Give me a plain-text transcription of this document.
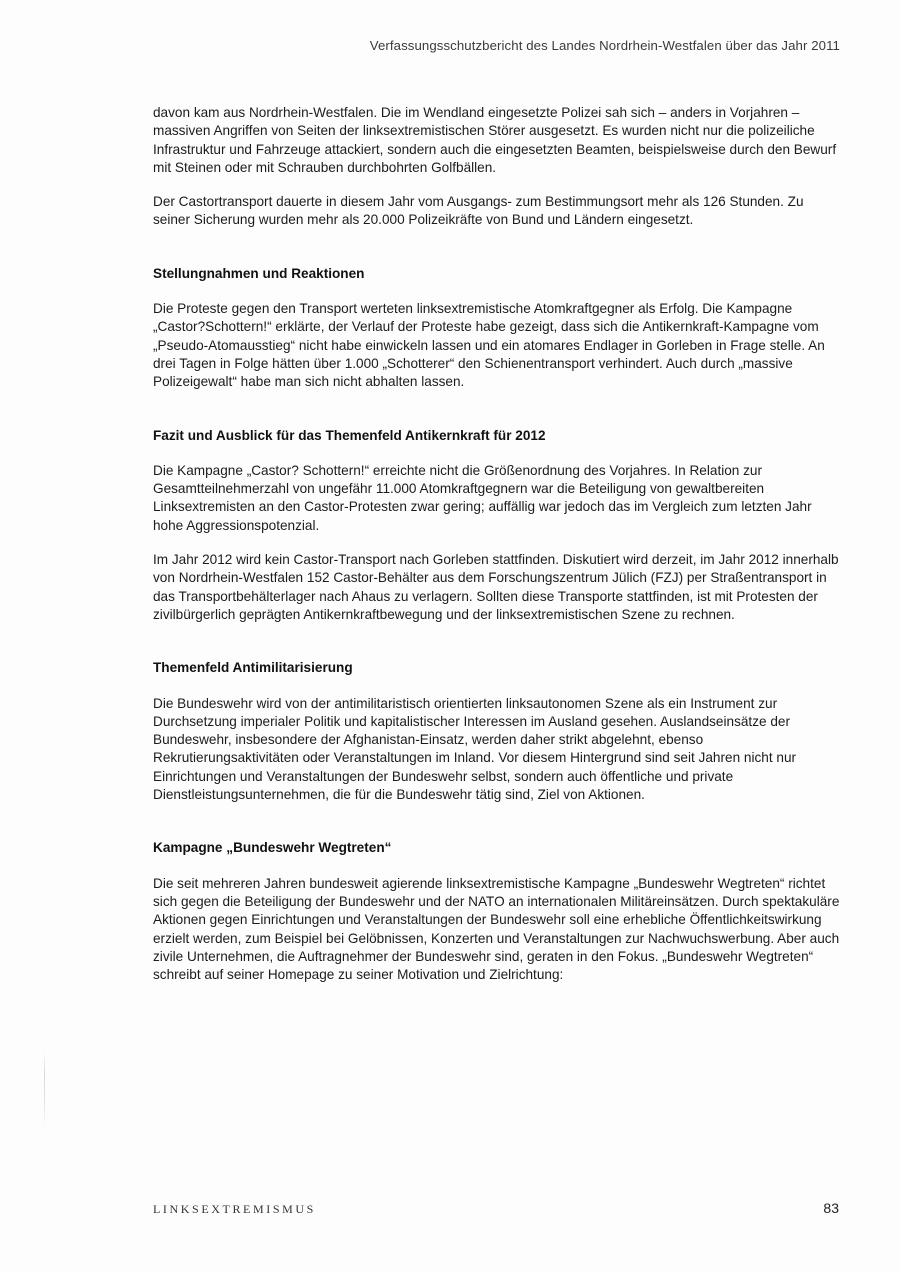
Verfassungsschutzbericht des Landes Nordrhein-Westfalen über das Jahr 2011

davon kam aus Nordrhein-Westfalen. Die im Wendland eingesetzte Polizei sah sich – anders in Vorjahren – massiven Angriffen von Seiten der linksextremistischen Störer ausgesetzt. Es wurden nicht nur die polizeiliche Infrastruktur und Fahrzeuge attackiert, sondern auch die eingesetzten Beamten, beispielsweise durch den Bewurf mit Steinen oder mit Schrauben durchbohrten Golfbällen.

Der Castortransport dauerte in diesem Jahr vom Ausgangs- zum Bestimmungsort mehr als 126 Stunden. Zu seiner Sicherung wurden mehr als 20.000 Polizeikräfte von Bund und Ländern eingesetzt.

Stellungnahmen und Reaktionen

Die Proteste gegen den Transport werteten linksextremistische Atomkraftgegner als Erfolg. Die Kampagne „Castor?Schottern!“ erklärte, der Verlauf der Proteste habe gezeigt, dass sich die Antikernkraft-Kampagne vom „Pseudo-Atomausstieg“ nicht habe einwickeln lassen und ein atomares Endlager in Gorleben in Frage stelle. An drei Tagen in Folge hätten über 1.000 „Schotterer“ den Schienentransport verhindert. Auch durch „massive Polizeigewalt“ habe man sich nicht abhalten lassen.

Fazit und Ausblick für das Themenfeld Antikernkraft für 2012

Die Kampagne „Castor? Schottern!“ erreichte nicht die Größenordnung des Vorjahres. In Relation zur Gesamtteilnehmerzahl von ungefähr 11.000 Atomkraftgegnern war die Beteiligung von gewaltbereiten Linksextremisten an den Castor-Protesten zwar gering; auffällig war jedoch das im Vergleich zum letzten Jahr hohe Aggressionspotenzial.

Im Jahr 2012 wird kein Castor-Transport nach Gorleben stattfinden. Diskutiert wird derzeit, im Jahr 2012 innerhalb von Nordrhein-Westfalen 152 Castor-Behälter aus dem Forschungszentrum Jülich (FZJ) per Straßentransport in das Transportbehälterlager nach Ahaus zu verlagern. Sollten diese Transporte stattfinden, ist mit Protesten der zivilbürgerlich geprägten Antikernkraftbewegung und der linksextremistischen Szene zu rechnen.

Themenfeld Antimilitarisierung

Die Bundeswehr wird von der antimilitaristisch orientierten linksautonomen Szene als ein Instrument zur Durchsetzung imperialer Politik und kapitalistischer Interessen im Ausland gesehen. Auslandseinsätze der Bundeswehr, insbesondere der Afghanistan-Einsatz, werden daher strikt abgelehnt, ebenso Rekrutierungsaktivitäten oder Veranstaltungen im Inland. Vor diesem Hintergrund sind seit Jahren nicht nur Einrichtungen und Veranstaltungen der Bundeswehr selbst, sondern auch öffentliche und private Dienstleistungsunternehmen, die für die Bundeswehr tätig sind, Ziel von Aktionen.

Kampagne „Bundeswehr Wegtreten“

Die seit mehreren Jahren bundesweit agierende linksextremistische Kampagne „Bundeswehr Wegtreten“ richtet sich gegen die Beteiligung der Bundeswehr und der NATO an internationalen Militäreinsätzen. Durch spektakuläre Aktionen gegen Einrichtungen und Veranstaltungen der Bundeswehr soll eine erhebliche Öffentlichkeitswirkung erzielt werden, zum Beispiel bei Gelöbnissen, Konzerten und Veranstaltungen zur Nachwuchswerbung. Aber auch zivile Unternehmen, die Auftragnehmer der Bundeswehr sind, geraten in den Fokus. „Bundeswehr Wegtreten“ schreibt auf seiner Homepage zu seiner Motivation und Zielrichtung:

LINKSEXTREMISMUS	83
